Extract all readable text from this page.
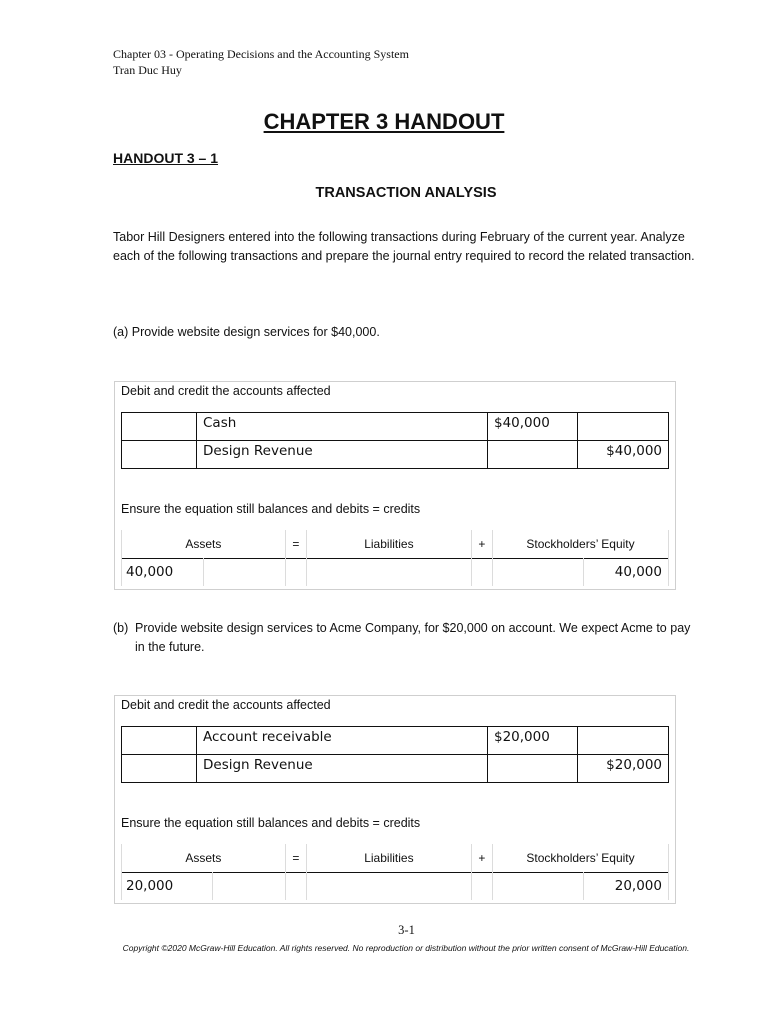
Chapter 03 - Operating Decisions and the Accounting System
Tran Duc Huy
CHAPTER 3 HANDOUT
HANDOUT 3 – 1
TRANSACTION ANALYSIS
Tabor Hill Designers entered into the following transactions during February of the current year. Analyze each of the following transactions and prepare the journal entry required to record the related transaction.
(a) Provide website design services for $40,000.
Debit and credit the accounts affected
	Cash	$40,000	
	Design Revenue		$40,000
Ensure the equation still balances and debits = credits
Assets		=	Liabilities	+	Stockholders’ Equity	
40,000						40,000
(b) Provide website design services to Acme Company, for $20,000 on account. We expect Acme to pay in the future.
Debit and credit the accounts affected
	Account receivable	$20,000	
	Design Revenue		$20,000
Ensure the equation still balances and debits = credits
Assets		=	Liabilities	+	Stockholders’ Equity	
20,000						20,000
3-1
Copyright ©2020 McGraw-Hill Education. All rights reserved. No reproduction or distribution without the prior written consent of McGraw-Hill Education.
